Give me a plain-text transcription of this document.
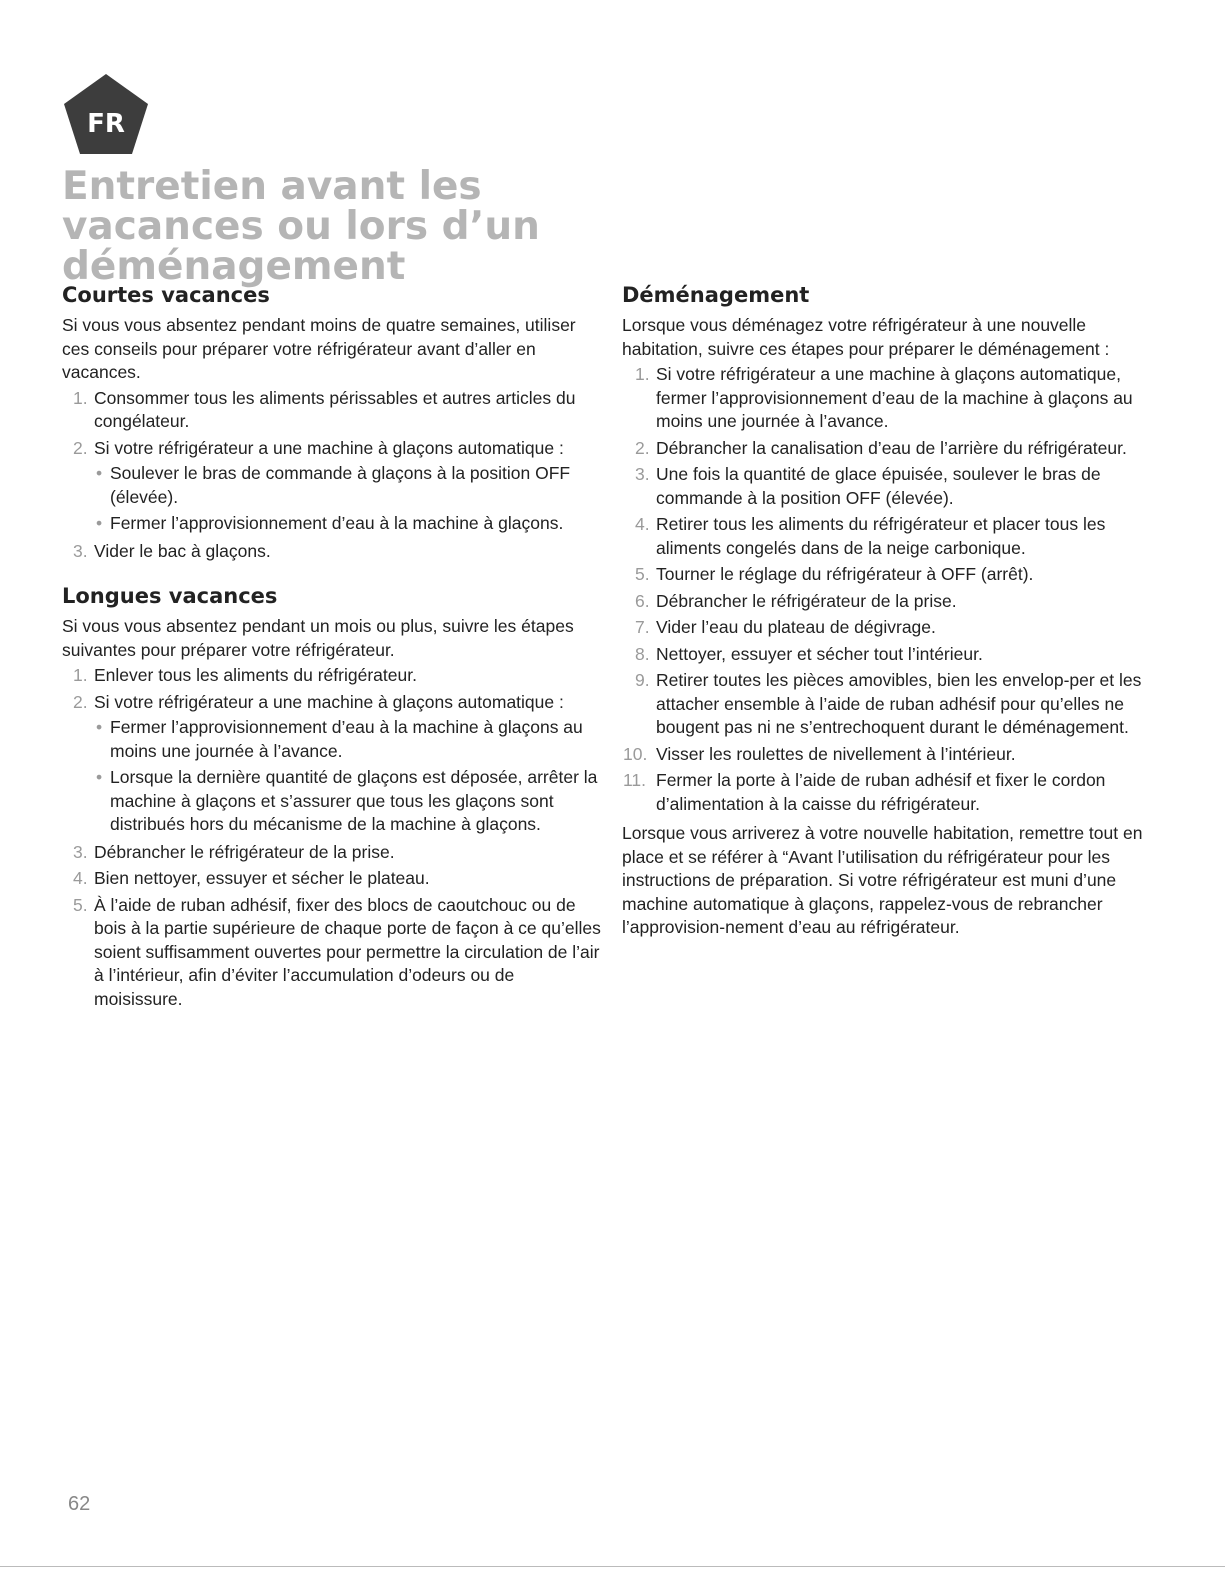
FR
Entretien avant les vacances ou lors d’un déménagement
Courtes vacances

Si vous vous absentez pendant moins de quatre semaines, utiliser ces conseils pour préparer votre réfrigérateur avant d’aller en vacances.

1. Consommer tous les aliments périssables et autres articles du congélateur.
2. Si votre réfrigérateur a une machine à glaçons automatique :
• Soulever le bras de commande à glaçons à la position OFF (élevée).
• Fermer l’approvisionnement d’eau à la machine à glaçons.
3. Vider le bac à glaçons.
Longues vacances

Si vous vous absentez pendant un mois ou plus, suivre les étapes suivantes pour préparer votre réfrigérateur.

1. Enlever tous les aliments du réfrigérateur.
2. Si votre réfrigérateur a une machine à glaçons automatique :
• Fermer l’approvisionnement d’eau à la machine à glaçons au moins une journée à l’avance.
• Lorsque la dernière quantité de glaçons est déposée, arrêter la machine à glaçons et s’assurer que tous les glaçons sont distribués hors du mécanisme de la machine à glaçons.
3. Débrancher le réfrigérateur de la prise.
4. Bien nettoyer, essuyer et sécher le plateau.
5. À l’aide de ruban adhésif, fixer des blocs de caoutchouc ou de bois à la partie supérieure de chaque porte de façon à ce qu’elles soient suffisamment ouvertes pour permettre la circulation de l’air à l’intérieur, afin d’éviter l’accumulation d’odeurs ou de moisissure.
Déménagement

Lorsque vous déménagez votre réfrigérateur à une nouvelle habitation, suivre ces étapes pour préparer le déménagement :

1. Si votre réfrigérateur a une machine à glaçons automatique, fermer l’approvisionnement d’eau de la machine à glaçons au moins une journée à l’avance.
2. Débrancher la canalisation d’eau de l’arrière du réfrigérateur.
3. Une fois la quantité de glace épuisée, soulever le bras de commande à la position OFF (élevée).
4. Retirer tous les aliments du réfrigérateur et placer tous les aliments congelés dans de la neige carbonique.
5. Tourner le réglage du réfrigérateur à OFF (arrêt).
6. Débrancher le réfrigérateur de la prise.
7. Vider l’eau du plateau de dégivrage.
8. Nettoyer, essuyer et sécher tout l’intérieur.
9. Retirer toutes les pièces amovibles, bien les envelop-per et les attacher ensemble à l’aide de ruban adhésif pour qu’elles ne bougent pas ni ne s’entrechoquent durant le déménagement.
10. Visser les roulettes de nivellement à l’intérieur.
11. Fermer la porte à l’aide de ruban adhésif et fixer le cordon d’alimentation à la caisse du réfrigérateur.

Lorsque vous arriverez à votre nouvelle habitation, remettre tout en place et se référer à “Avant l’utilisation du réfrigérateur pour les instructions de préparation. Si votre réfrigérateur est muni d’une machine automatique à glaçons, rappelez-vous de rebrancher l’approvision-nement d’eau au réfrigérateur.

62
